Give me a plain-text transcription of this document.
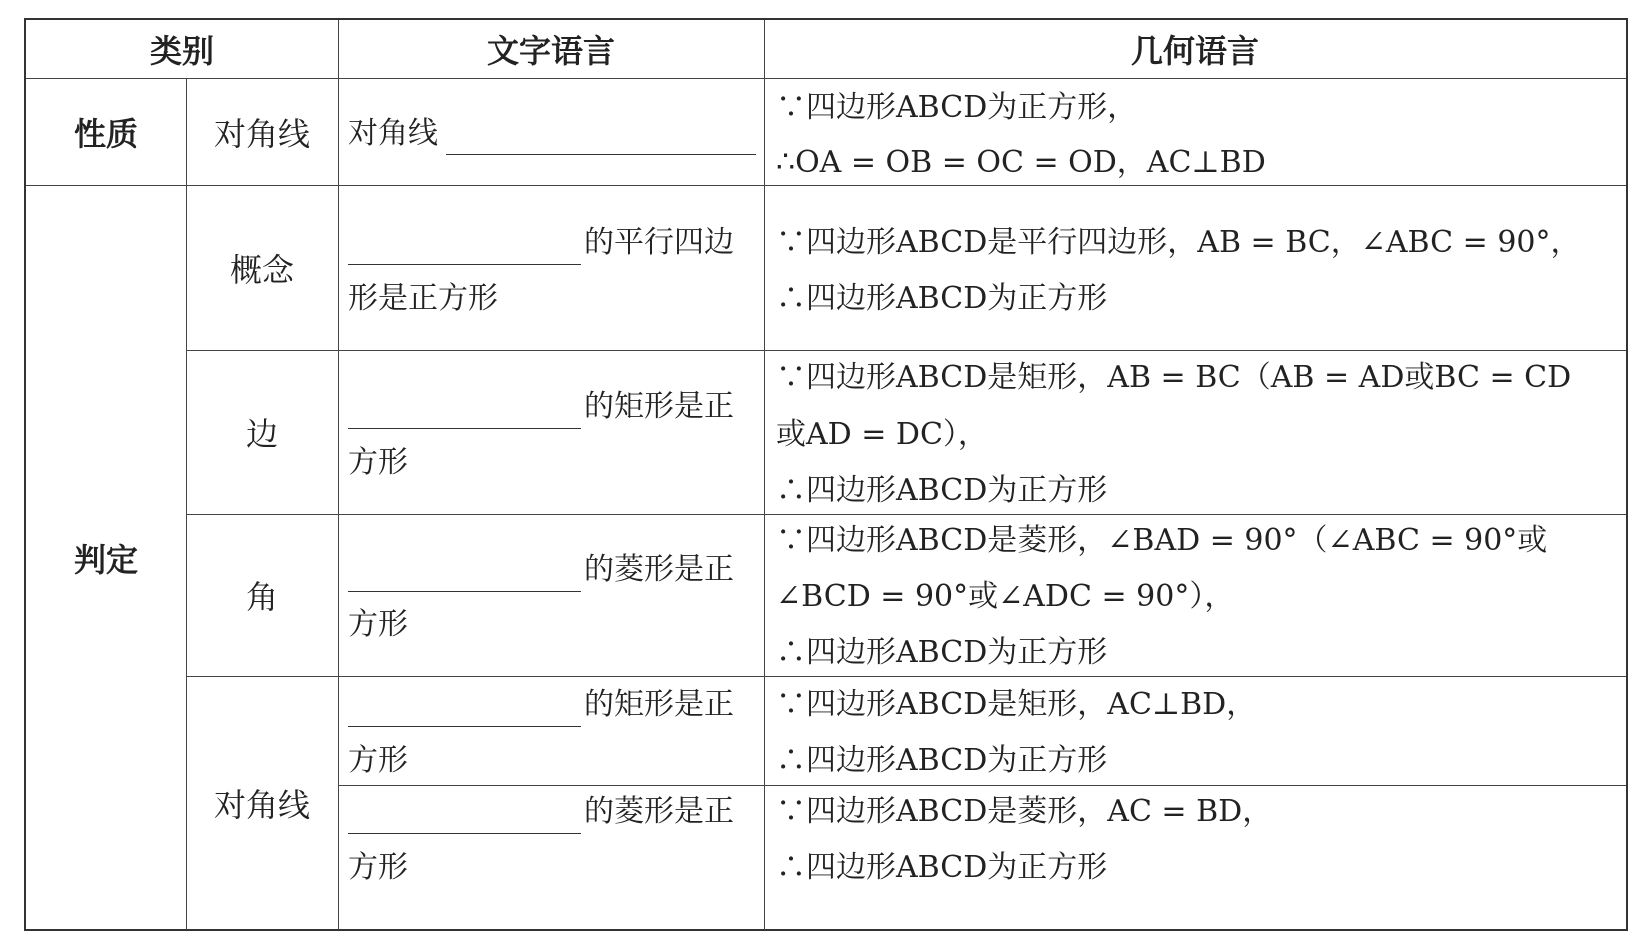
类别	文字语言	几何语言
性质
判定
对角线
概念
边
角
对角线
对角线
的平行四边
形是正方形
的矩形是正
方形
的菱形是正
方形
的矩形是正
方形
的菱形是正
方形
∵四边形ABCD为正方形，
∴OA = OB = OC = OD，AC⊥BD
∵四边形ABCD是平行四边形，AB = BC，∠ABC = 90°，
∴四边形ABCD为正方形
∵四边形ABCD是矩形，AB = BC（AB = AD或BC = CD
或AD = DC），
∴四边形ABCD为正方形
∵四边形ABCD是菱形，∠BAD = 90°（∠ABC = 90°或
∠BCD = 90°或∠ADC = 90°），
∴四边形ABCD为正方形
∵四边形ABCD是矩形，AC⊥BD，
∴四边形ABCD为正方形
∵四边形ABCD是菱形，AC = BD，
∴四边形ABCD为正方形
